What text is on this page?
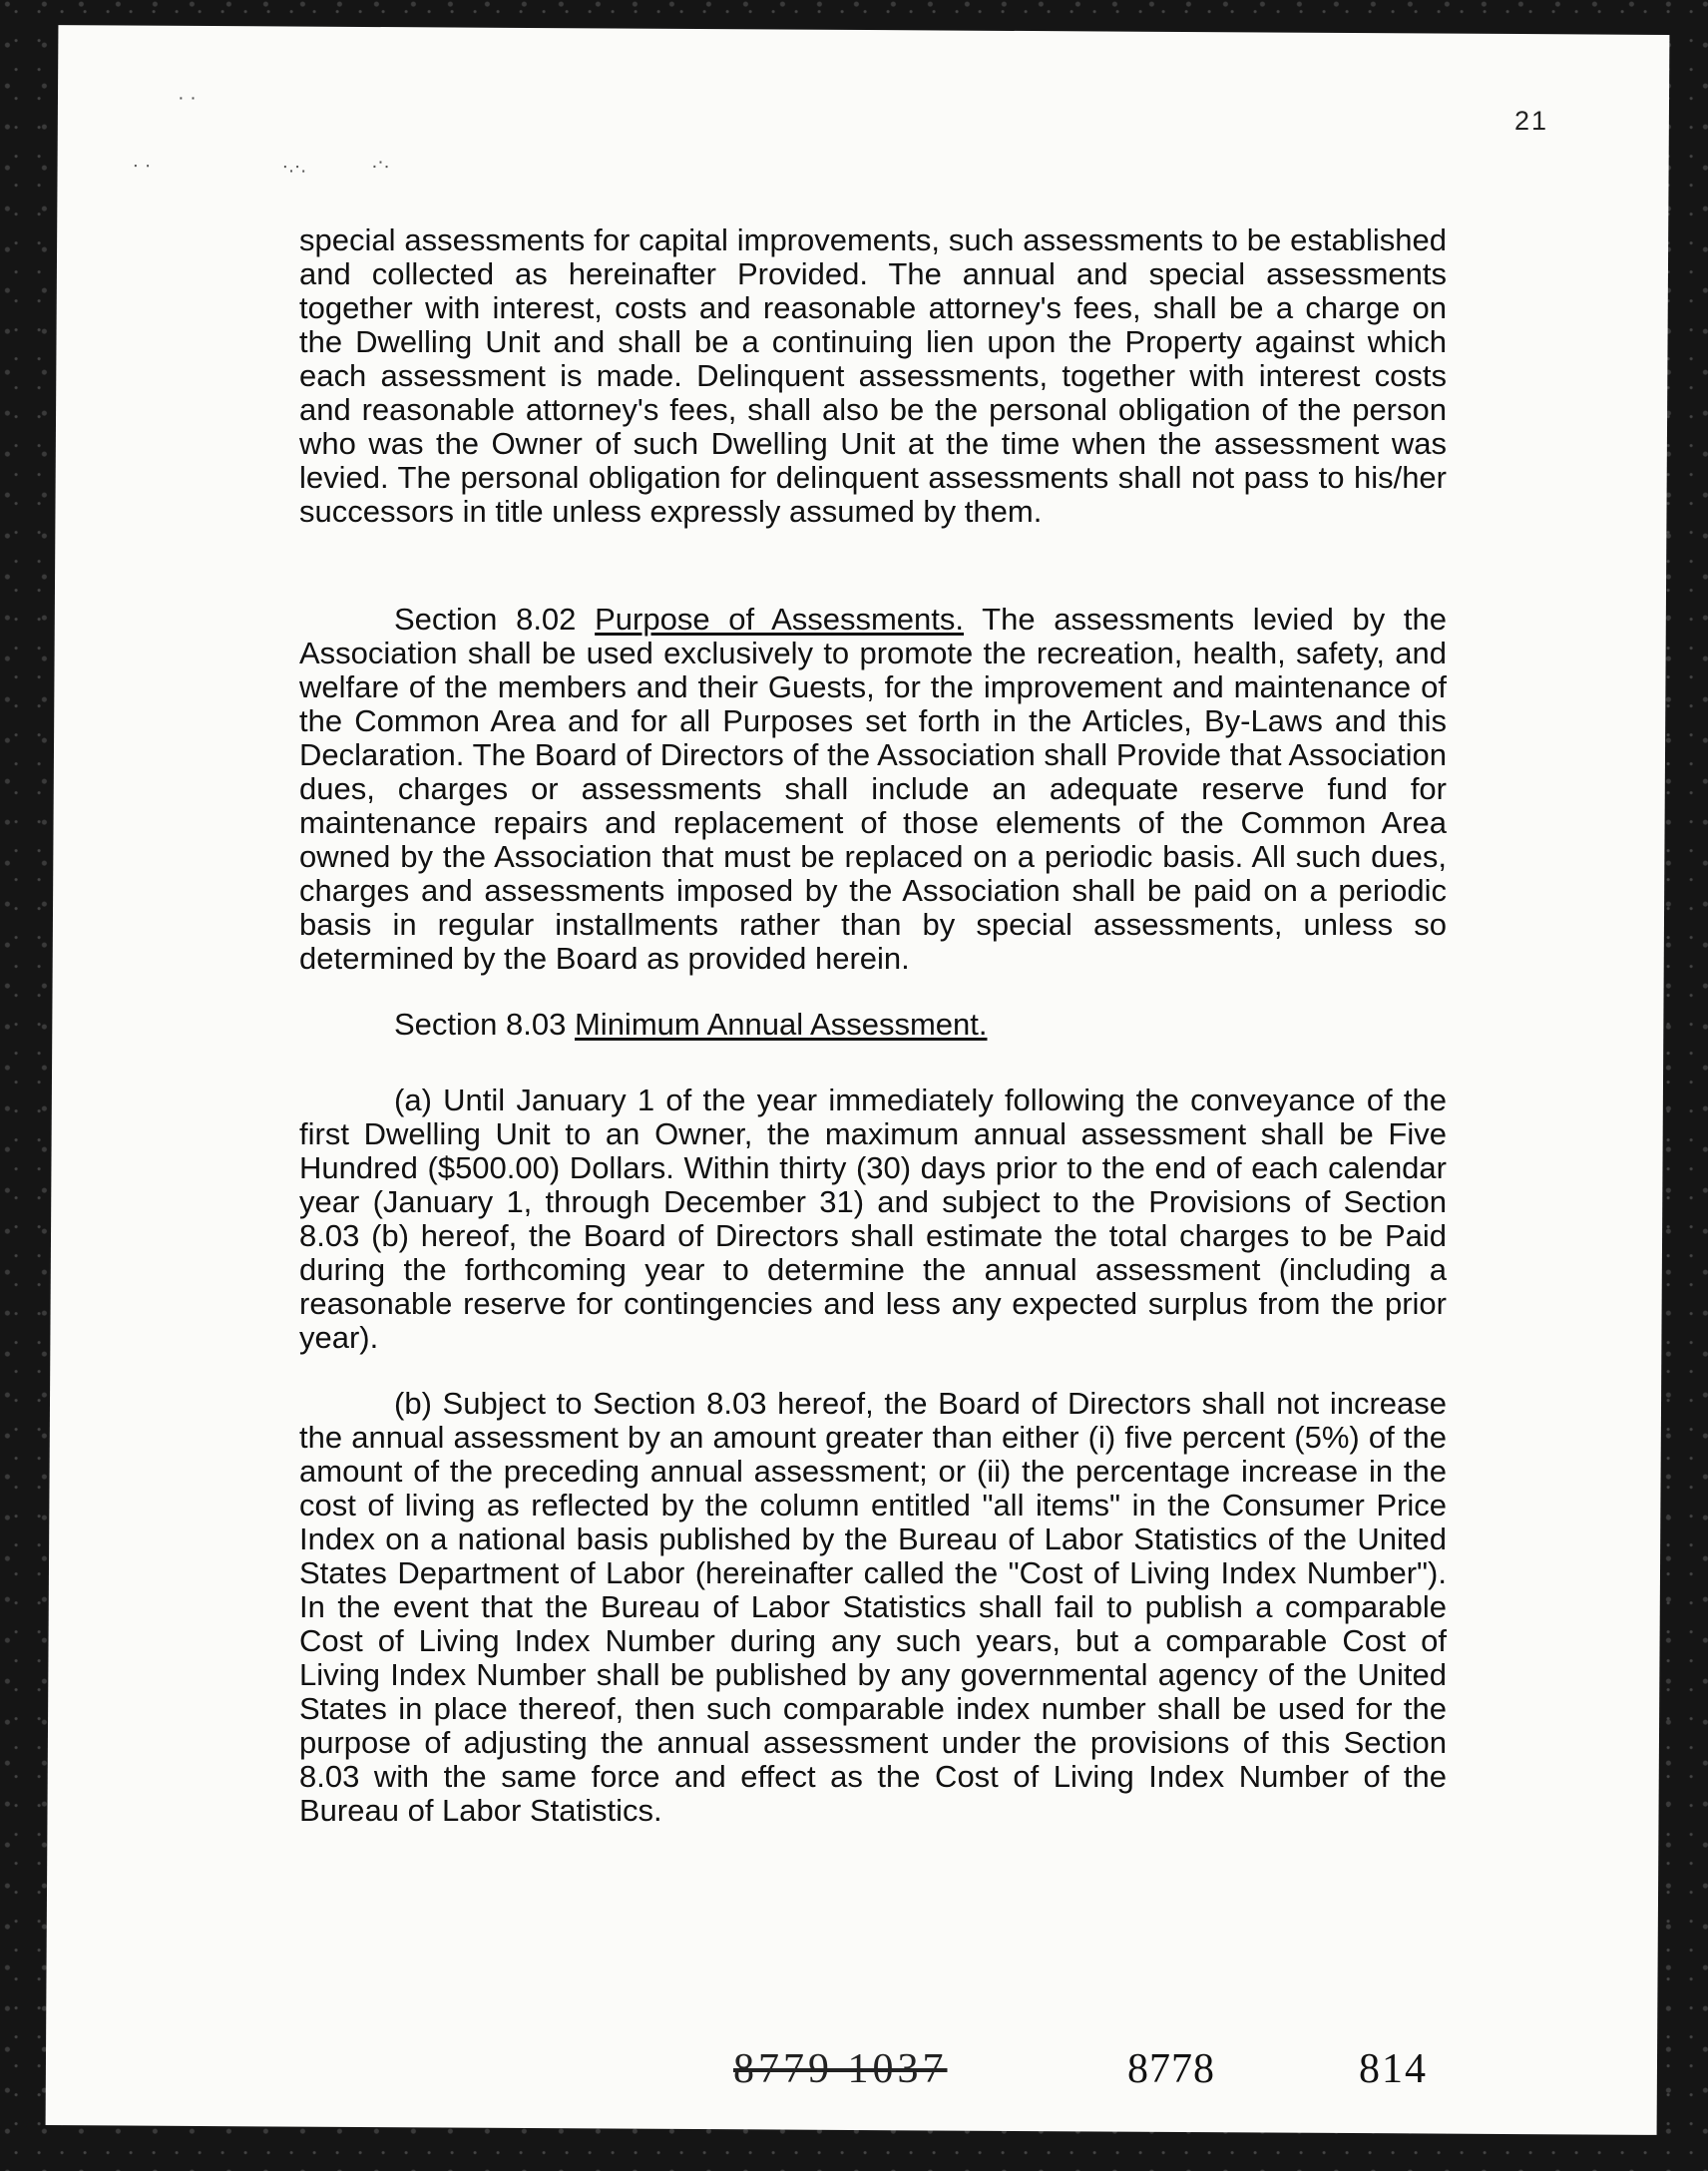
· ·
· ·	·.·.	.·.
21

special assessments for capital improvements, such assessments to be established and collected as hereinafter Provided. The annual and special assessments together with interest, costs and reasonable attorney's fees, shall be a charge on the Dwelling Unit and shall be a continuing lien upon the Property against which each assessment is made. Delinquent assessments, together with interest costs and reasonable attorney's fees, shall also be the personal obligation of the person who was the Owner of such Dwelling Unit at the time when the assessment was levied. The personal obligation for delinquent assessments shall not pass to his/her successors in title unless expressly assumed by them.

Section 8.02 Purpose of Assessments. The assessments levied by the Association shall be used exclusively to promote the recreation, health, safety, and welfare of the members and their Guests, for the improvement and maintenance of the Common Area and for all Purposes set forth in the Articles, By-Laws and this Declaration. The Board of Directors of the Association shall Provide that Association dues, charges or assessments shall include an adequate reserve fund for maintenance repairs and replacement of those elements of the Common Area owned by the Association that must be replaced on a periodic basis. All such dues, charges and assessments imposed by the Association shall be paid on a periodic basis in regular installments rather than by special assessments, unless so determined by the Board as provided herein.

Section 8.03 Minimum Annual Assessment.

(a) Until January 1 of the year immediately following the conveyance of the first Dwelling Unit to an Owner, the maximum annual assessment shall be Five Hundred ($500.00) Dollars. Within thirty (30) days prior to the end of each calendar year (January 1, through December 31) and subject to the Provisions of Section 8.03 (b) hereof, the Board of Directors shall estimate the total charges to be Paid during the forthcoming year to determine the annual assessment (including a reasonable reserve for contingencies and less any expected surplus from the prior year).

(b) Subject to Section 8.03 hereof, the Board of Directors shall not increase the annual assessment by an amount greater than either (i) five percent (5%) of the amount of the preceding annual assessment; or (ii) the percentage increase in the cost of living as reflected by the column entitled "all items" in the Consumer Price Index on a national basis published by the Bureau of Labor Statistics of the United States Department of Labor (hereinafter called the "Cost of Living Index Number"). In the event that the Bureau of Labor Statistics shall fail to publish a comparable Cost of Living Index Number during any such years, but a comparable Cost of Living Index Number shall be published by any governmental agency of the United States in place thereof, then such comparable index number shall be used for the purpose of adjusting the annual assessment under the provisions of this Section 8.03 with the same force and effect as the Cost of Living Index Number of the Bureau of Labor Statistics.

8779 1037	8778	814
